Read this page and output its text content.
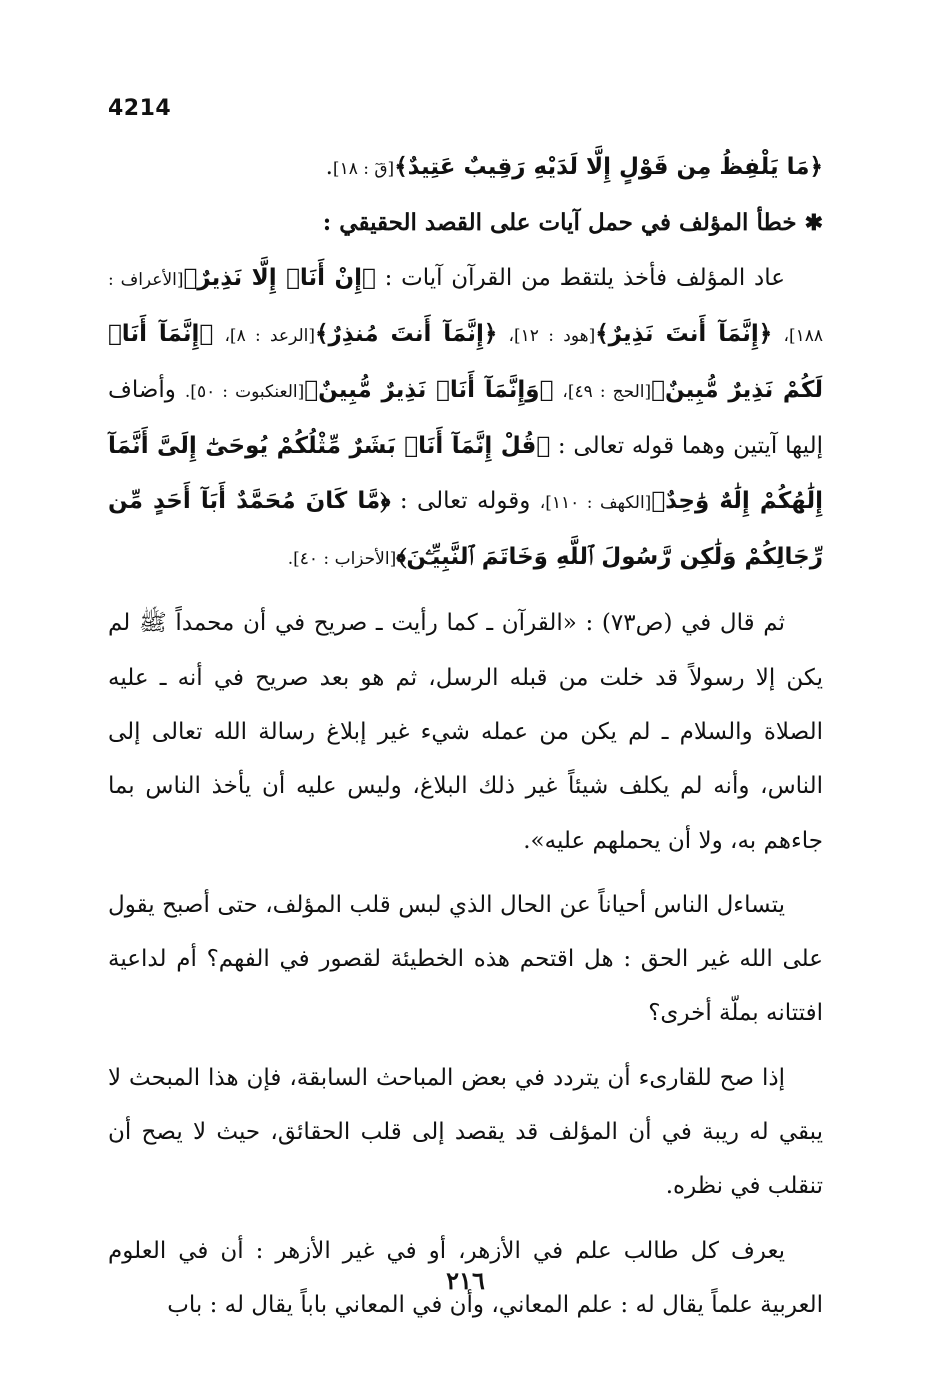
4214

﴿مَا يَلْفِظُ مِن قَوْلٍ إِلَّا لَدَيْهِ رَقِيبٌ عَتِيدٌ﴾[قٓ : ١٨].

✱خطأ المؤلف في حمل آيات على القصد الحقيقي :

عاد المؤلف فأخذ يلتقط من القرآن آيات : ﴿إِنْ أَنَا۠ إِلَّا نَذِيرٌ﴾[الأعراف : ١٨٨]، ﴿إِنَّمَآ أَنتَ نَذِيرٌ﴾[هود : ١٢]، ﴿إِنَّمَآ أَنتَ مُنذِرٌ﴾[الرعد : ٨]، ﴿إِنَّمَآ أَنَا۠ لَكُمْ نَذِيرٌ مُّبِينٌ﴾[الحج : ٤٩]، ﴿وَإِنَّمَآ أَنَا۠ نَذِيرٌ مُّبِينٌ﴾[العنكبوت : ٥٠]. وأضاف إليها آيتين وهما قوله تعالى : ﴿قُلْ إِنَّمَآ أَنَا۠ بَشَرٌ مِّثْلُكُمْ يُوحَىٰٓ إِلَىَّ أَنَّمَآ إِلَٰهُكُمْ إِلَٰهٌ وَٰحِدٌ﴾[الكهف : ١١٠]، وقوله تعالى : ﴿مَّا كَانَ مُحَمَّدٌ أَبَآ أَحَدٍ مِّن رِّجَالِكُمْ وَلَٰكِن رَّسُولَ ٱللَّهِ وَخَاتَمَ ٱلنَّبِيِّـۧنَ﴾[الأحزاب : ٤٠].

ثم قال في (ص٧٣) : «القرآن ـ كما رأيت ـ صريح في أن محمداً ﷺ لم يكن إلا رسولاً قد خلت من قبله الرسل، ثم هو بعد صريح في أنه ـ عليه الصلاة والسلام ـ لم يكن من عمله شيء غير إبلاغ رسالة الله تعالى إلى الناس، وأنه لم يكلف شيئاً غير ذلك البلاغ، وليس عليه أن يأخذ الناس بما جاءهم به، ولا أن يحملهم عليه».

يتساءل الناس أحياناً عن الحال الذي لبس قلب المؤلف، حتى أصبح يقول على الله غير الحق : هل اقتحم هذه الخطيئة لقصور في الفهم؟ أم لداعية افتتانه بملّة أخرى؟

إذا صح للقارىء أن يتردد في بعض المباحث السابقة، فإن هذا المبحث لا يبقي له ريبة في أن المؤلف قد يقصد إلى قلب الحقائق، حيث لا يصح أن تنقلب في نظره.

يعرف كل طالب علم في الأزهر، أو في غير الأزهر : أن في العلوم العربية علماً يقال له : علم المعاني، وأن في المعاني باباً يقال له : باب

٢١٦
